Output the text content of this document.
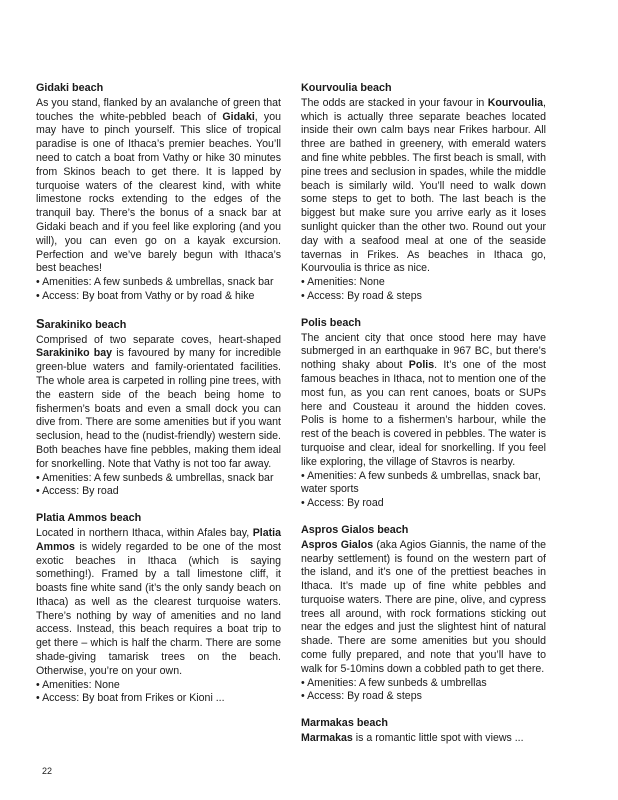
Gidaki beach

As you stand, flanked by an avalanche of green that touches the white-pebbled beach of Gidaki, you may have to pinch yourself. This slice of tropical paradise is one of Ithaca’s premier beaches. You’ll need to catch a boat from Vathy or hike 30 minutes from Skinos beach to get there. It is lapped by turquoise waters of the clearest kind, with white limestone rocks extending to the edges of the tranquil bay. There’s the bonus of a snack bar at Gidaki beach and if you feel like exploring (and you will), you can even go on a kayak excursion. Perfection and we’ve barely begun with Ithaca’s best beaches!

• Amenities: A few sunbeds & umbrellas, snack bar

• Access: By boat from Vathy or by road & hike

Sarakiniko beach

Comprised of two separate coves, heart-shaped Sarakiniko bay is favoured by many for incredible green-blue waters and family-orientated facilities. The whole area is carpeted in rolling pine trees, with the eastern side of the beach being home to fishermen’s boats and even a small dock you can dive from. There are some amenities but if you want seclusion, head to the (nudist-friendly) western side. Both beaches have fine pebbles, making them ideal for snorkelling. Note that Vathy is not too far away.

• Amenities: A few sunbeds & umbrellas, snack bar

• Access: By road

Platia Ammos beach

Located in northern Ithaca, within Afales bay, Platia Ammos is widely regarded to be one of the most exotic beaches in Ithaca (which is saying something!). Framed by a tall limestone cliff, it boasts fine white sand (it’s the only sandy beach on Ithaca) as well as the clearest turquoise waters. There’s nothing by way of amenities and no land access. Instead, this beach requires a boat trip to get there – which is half the charm. There are some shade-giving tamarisk trees on the beach. Otherwise, you’re on your own.

• Amenities: None

• Access: By boat from Frikes or Kioni ...

Kourvoulia beach

The odds are stacked in your favour in Kourvoulia, which is actually three separate beaches located inside their own calm bays near Frikes harbour. All three are bathed in greenery, with emerald waters and fine white pebbles. The first beach is small, with pine trees and seclusion in spades, while the middle beach is similarly wild. You’ll need to walk down some steps to get to both. The last beach is the biggest but make sure you arrive early as it loses sunlight quicker than the other two. Round out your day with a seafood meal at one of the seaside tavernas in Frikes. As beaches in Ithaca go, Kourvoulia is thrice as nice.

• Amenities: None

• Access: By road & steps

Polis beach

The ancient city that once stood here may have submerged in an earthquake in 967 BC, but there’s nothing shaky about Polis. It’s one of the most famous beaches in Ithaca, not to mention one of the most fun, as you can rent canoes, boats or SUPs here and Cousteau it around the hidden coves. Polis is home to a fishermen’s harbour, while the rest of the beach is covered in pebbles. The water is turquoise and clear, ideal for snorkelling. If you feel like exploring, the village of Stavros is nearby.

• Amenities: A few sunbeds & umbrellas, snack bar, water sports

• Access: By road

Aspros Gialos beach

Aspros Gialos (aka Agios Giannis, the name of the nearby settlement) is found on the western part of the island, and it’s one of the prettiest beaches in Ithaca. It’s made up of fine white pebbles and turquoise waters. There are pine, olive, and cypress trees all around, with rock formations sticking out near the edges and just the slightest hint of natural shade. There are some amenities but you should come fully prepared, and note that you’ll have to walk for 5-10mins down a cobbled path to get there.

• Amenities: A few sunbeds & umbrellas

• Access: By road & steps

Marmakas beach

Marmakas is a romantic little spot with views ...

22
